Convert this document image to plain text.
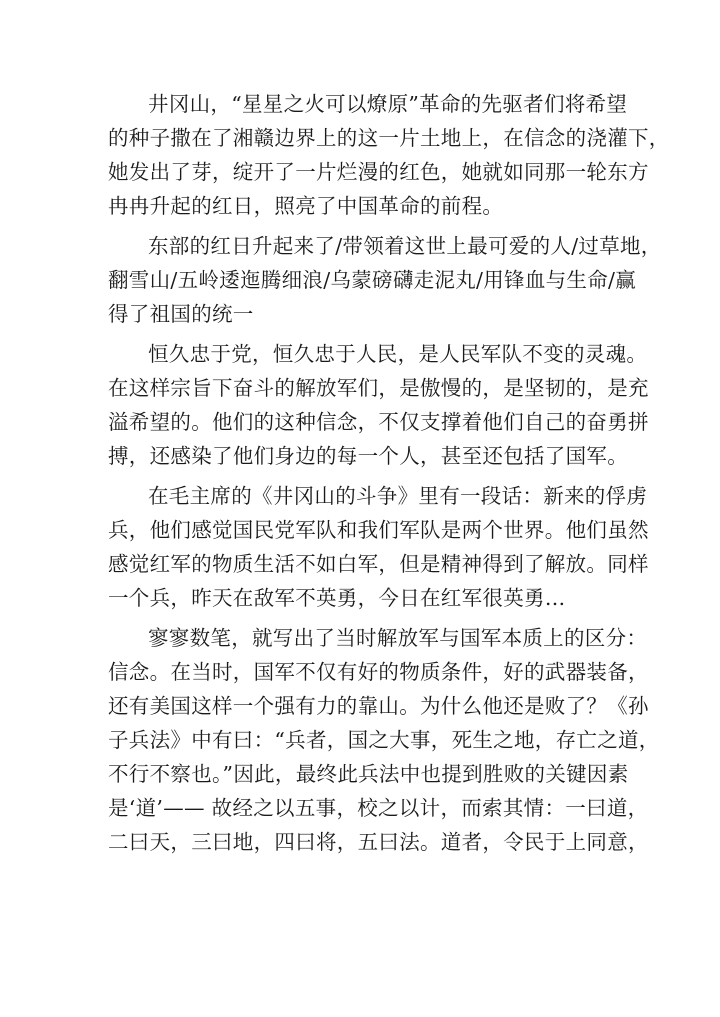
井冈山，“星星之火可以燎原”革命的先驱者们将希望
的种子撒在了湘赣边界上的这一片土地上，在信念的浇灌下，
她发出了芽，绽开了一片烂漫的红色，她就如同那一轮东方
冉冉升起的红日，照亮了中国革命的前程。
东部的红日升起来了/带领着这世上最可爱的人/过草地，
翻雪山/五岭逶迤腾细浪/乌蒙磅礴走泥丸/用锋血与生命/赢
得了祖国的统一
恒久忠于党，恒久忠于人民，是人民军队不变的灵魂。
在这样宗旨下奋斗的解放军们，是傲慢的，是坚韧的，是充
溢希望的。他们的这种信念，不仅支撑着他们自己的奋勇拼
搏，还感染了他们身边的每一个人，甚至还包括了国军。
在毛主席的《井冈山的斗争》里有一段话：新来的俘虏
兵，他们感觉国民党军队和我们军队是两个世界。他们虽然
感觉红军的物质生活不如白军，但是精神得到了解放。同样
一个兵，昨天在敌军不英勇，今日在红军很英勇…
寥寥数笔，就写出了当时解放军与国军本质上的区分：
信念。在当时，国军不仅有好的物质条件，好的武器装备，
还有美国这样一个强有力的靠山。为什么他还是败了？《孙
子兵法》中有曰：“兵者，国之大事，死生之地，存亡之道，
不行不察也。”因此，最终此兵法中也提到胜败的关键因素
是‘道’—— 故经之以五事，校之以计，而索其情：一曰道，
二曰天，三曰地，四曰将，五曰法。道者，令民于上同意，
